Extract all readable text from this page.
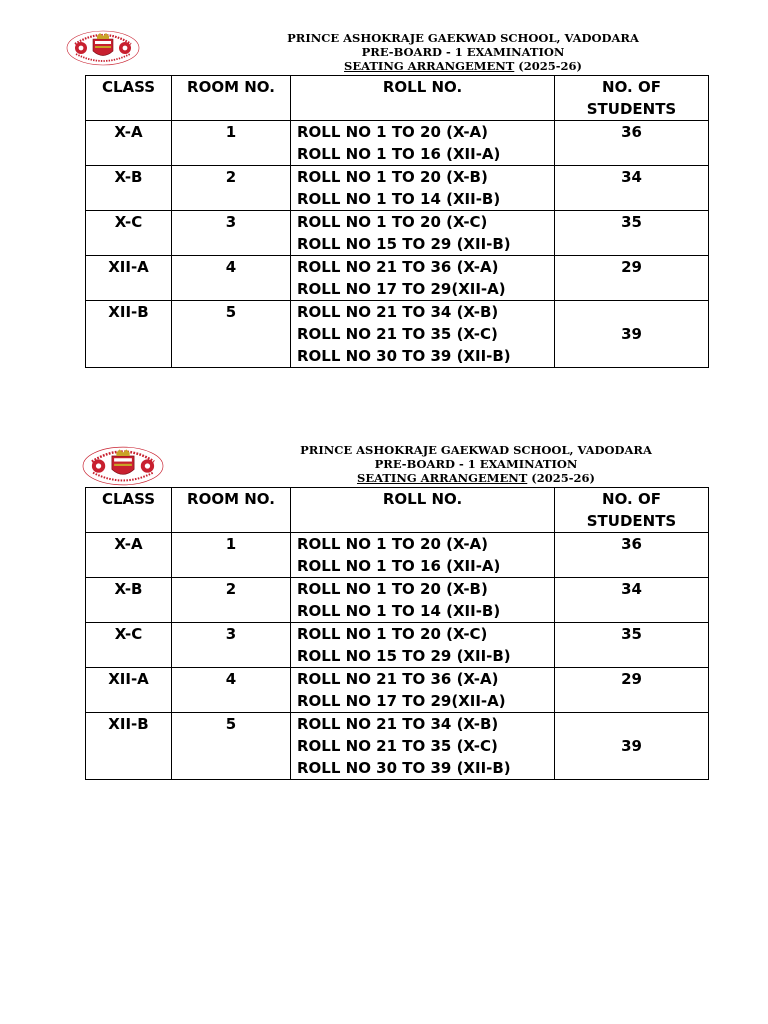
PRINCE ASHOKRAJE GAEKWAD SCHOOL, VADODARA
PRE-BOARD - 1 EXAMINATION
SEATING ARRANGEMENT (2025-26)
CLASS	ROOM NO.	ROLL NO.	NO. OF STUDENTS
X-A	1	ROLL NO 1 TO 20 (X-A)
ROLL NO 1 TO 16 (XII-A)	36
X-B	2	ROLL NO 1 TO 20 (X-B)
ROLL NO 1 TO 14 (XII-B)	34
X-C	3	ROLL NO 1 TO 20 (X-C)
ROLL NO 15 TO 29 (XII-B)	35
XII-A	4	ROLL NO 21 TO 36 (X-A)
ROLL NO 17 TO 29(XII-A)	29
XII-B	5	ROLL NO 21 TO 34 (X-B)
ROLL NO 21 TO 35 (X-C)
ROLL NO 30 TO 39 (XII-B)	39
PRINCE ASHOKRAJE GAEKWAD SCHOOL, VADODARA
PRE-BOARD - 1 EXAMINATION
SEATING ARRANGEMENT (2025-26)
CLASS	ROOM NO.	ROLL NO.	NO. OF STUDENTS
X-A	1	ROLL NO 1 TO 20 (X-A)
ROLL NO 1 TO 16 (XII-A)	36
X-B	2	ROLL NO 1 TO 20 (X-B)
ROLL NO 1 TO 14 (XII-B)	34
X-C	3	ROLL NO 1 TO 20 (X-C)
ROLL NO 15 TO 29 (XII-B)	35
XII-A	4	ROLL NO 21 TO 36 (X-A)
ROLL NO 17 TO 29(XII-A)	29
XII-B	5	ROLL NO 21 TO 34 (X-B)
ROLL NO 21 TO 35 (X-C)
ROLL NO 30 TO 39 (XII-B)	39
